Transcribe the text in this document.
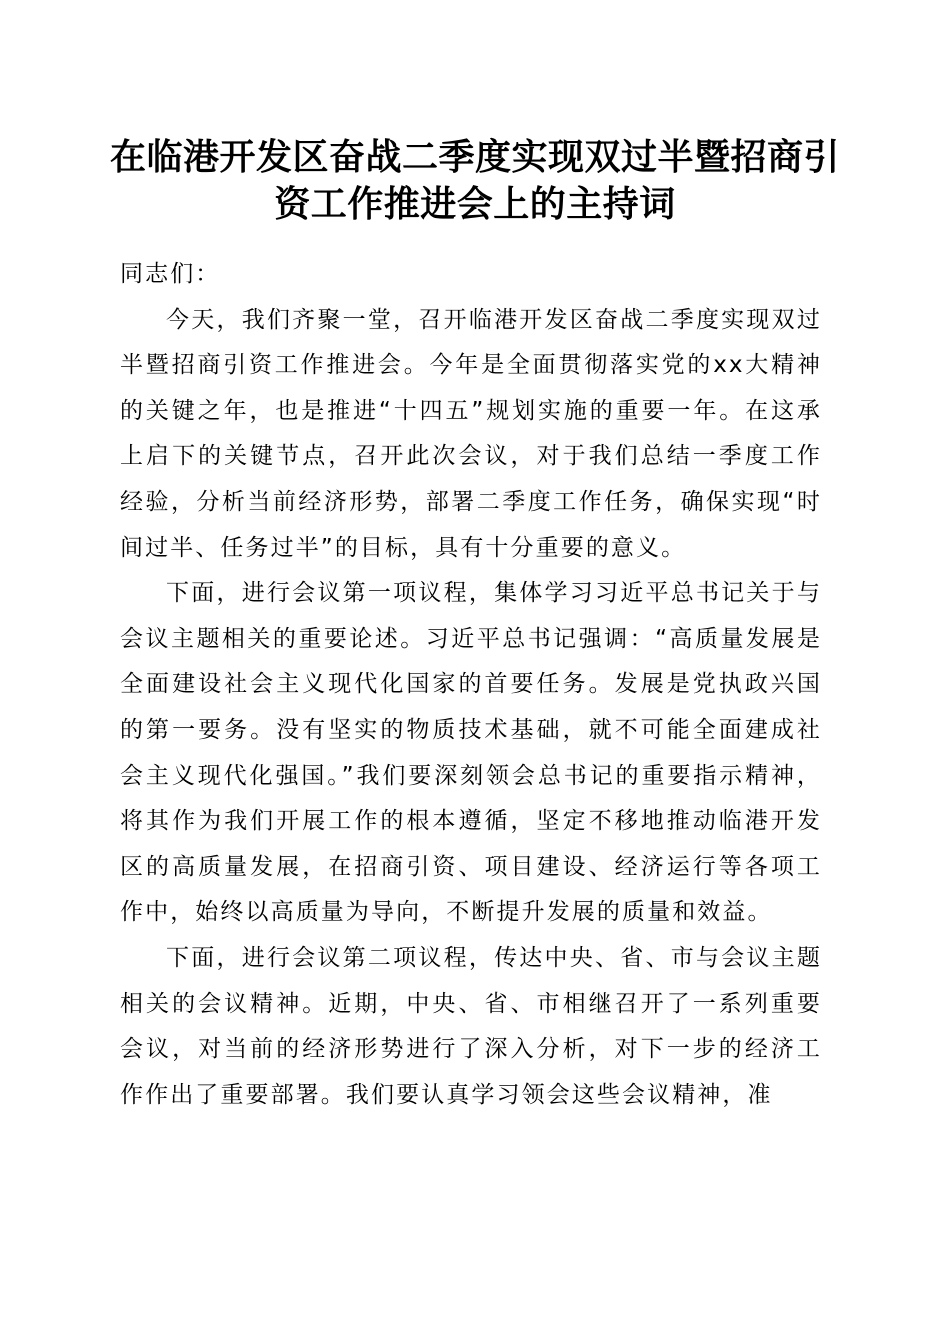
在临港开发区奋战二季度实现双过半暨招商引
资工作推进会上的主持词

同志们：

今天，我们齐聚一堂，召开临港开发区奋战二季度实现双过半暨招商引资工作推进会。今年是全面贯彻落实党的xx大精神的关键之年，也是推进“十四五”规划实施的重要一年。在这承上启下的关键节点，召开此次会议，对于我们总结一季度工作经验，分析当前经济形势，部署二季度工作任务，确保实现“时间过半、任务过半”的目标，具有十分重要的意义。

下面，进行会议第一项议程，集体学习习近平总书记关于与会议主题相关的重要论述。习近平总书记强调：“高质量发展是全面建设社会主义现代化国家的首要任务。发展是党执政兴国的第一要务。没有坚实的物质技术基础，就不可能全面建成社会主义现代化强国。”我们要深刻领会总书记的重要指示精神，将其作为我们开展工作的根本遵循，坚定不移地推动临港开发区的高质量发展，在招商引资、项目建设、经济运行等各项工作中，始终以高质量为导向，不断提升发展的质量和效益。

下面，进行会议第二项议程，传达中央、省、市与会议主题相关的会议精神。近期，中央、省、市相继召开了一系列重要会议，对当前的经济形势进行了深入分析，对下一步的经济工作作出了重要部署。我们要认真学习领会这些会议精神，准
